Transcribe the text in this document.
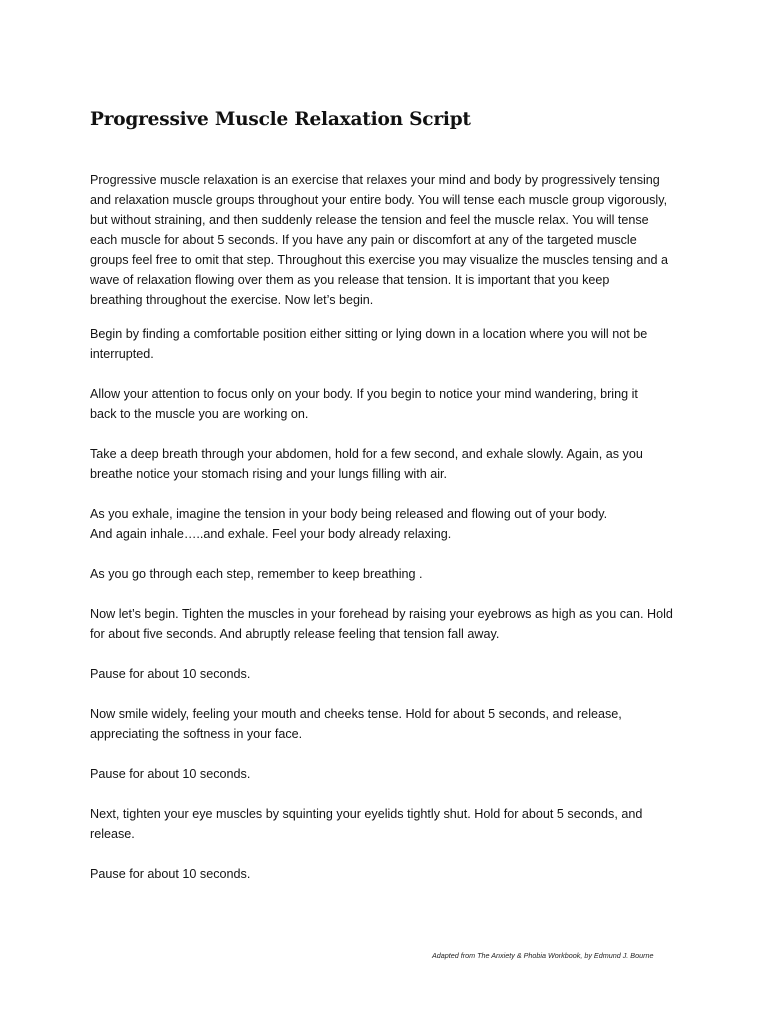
Progressive Muscle Relaxation Script

Progressive muscle relaxation is an exercise that relaxes your mind and body by progressively tensing
and relaxation muscle groups throughout your entire body. You will tense each muscle group vigorously,
but without straining, and then suddenly release the tension and feel the muscle relax. You will tense
each muscle for about 5 seconds. If you have any pain or discomfort at any of the targeted muscle
groups feel free to omit that step. Throughout this exercise you may visualize the muscles tensing and a
wave of relaxation flowing over them as you release that tension. It is important that you keep
breathing throughout the exercise. Now let’s begin.

Begin by finding a comfortable position either sitting or lying down in a location where you will not be
interrupted.

Allow your attention to focus only on your body. If you begin to notice your mind wandering, bring it
back to the muscle you are working on.

Take a deep breath through your abdomen, hold for a few second, and exhale slowly. Again, as you
breathe notice your stomach rising and your lungs filling with air.

As you exhale, imagine the tension in your body being released and flowing out of your body.
And again inhale…..and exhale. Feel your body already relaxing.

As you go through each step, remember to keep breathing .

Now let’s begin. Tighten the muscles in your forehead by raising your eyebrows as high as you can. Hold
for about five seconds. And abruptly release feeling that tension fall away.

Pause for about 10 seconds.

Now smile widely, feeling your mouth and cheeks tense. Hold for about 5 seconds, and release,
appreciating the softness in your face.

Pause for about 10 seconds.

Next, tighten your eye muscles by squinting your eyelids tightly shut. Hold for about 5 seconds, and
release.

Pause for about 10 seconds.

Adapted from The Anxiety & Phobia Workbook, by Edmund J. Bourne
